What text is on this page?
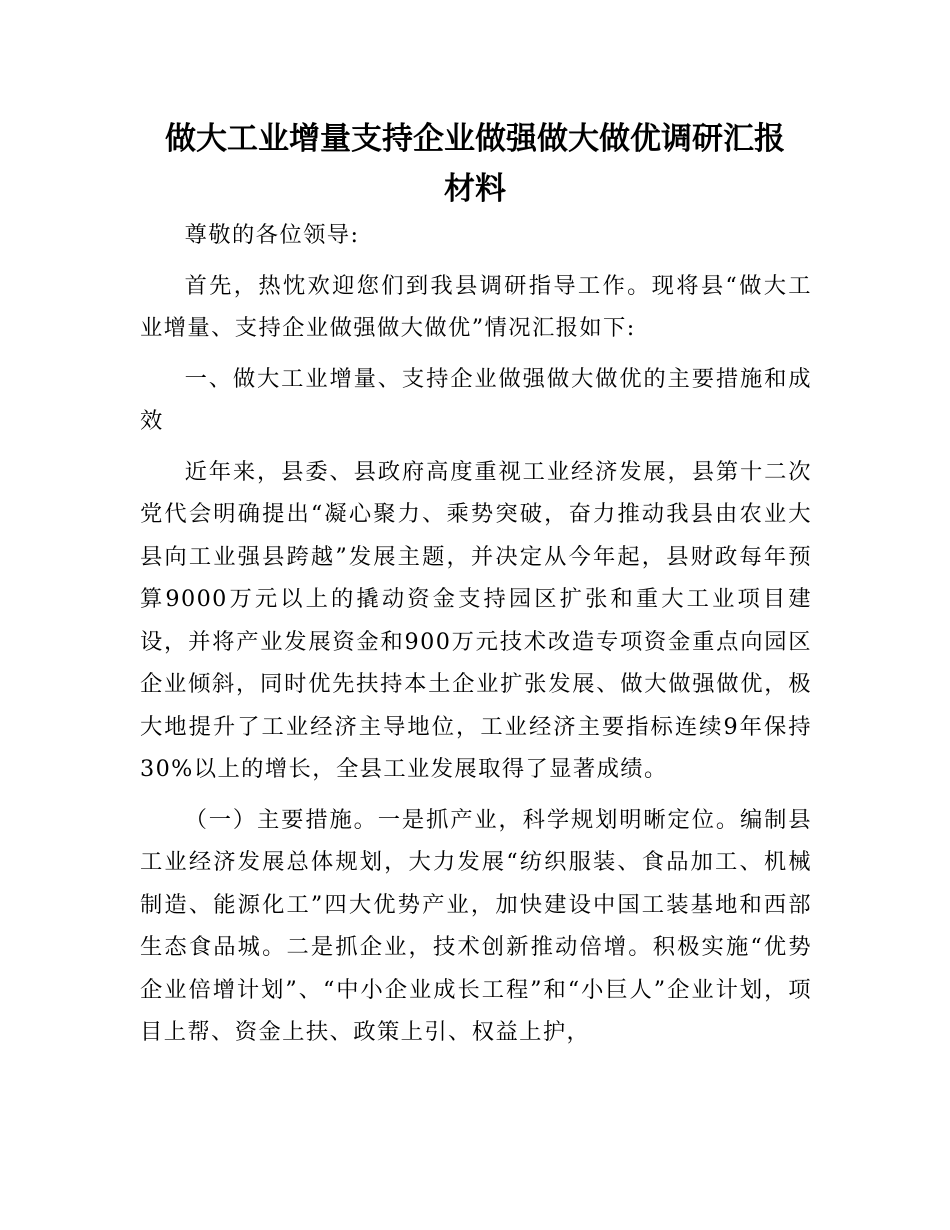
做大工业增量支持企业做强做大做优调研汇报
材料

尊敬的各位领导:

首先，热忱欢迎您们到我县调研指导工作。现将县“做大工业增量、支持企业做强做大做优”情况汇报如下:

一、做大工业增量、支持企业做强做大做优的主要措施和成效

近年来，县委、县政府高度重视工业经济发展，县第十二次党代会明确提出“凝心聚力、乘势突破，奋力推动我县由农业大县向工业强县跨越”发展主题，并决定从今年起，县财政每年预算9000万元以上的撬动资金支持园区扩张和重大工业项目建设，并将产业发展资金和900万元技术改造专项资金重点向园区企业倾斜，同时优先扶持本土企业扩张发展、做大做强做优，极大地提升了工业经济主导地位，工业经济主要指标连续9年保持30%以上的增长，全县工业发展取得了显著成绩。

（一）主要措施。一是抓产业，科学规划明晰定位。编制县工业经济发展总体规划，大力发展“纺织服装、食品加工、机械制造、能源化工”四大优势产业，加快建设中国工装基地和西部生态食品城。二是抓企业，技术创新推动倍增。积极实施“优势企业倍增计划”、“中小企业成长工程”和“小巨人”企业计划，项目上帮、资金上扶、政策上引、权益上护，
